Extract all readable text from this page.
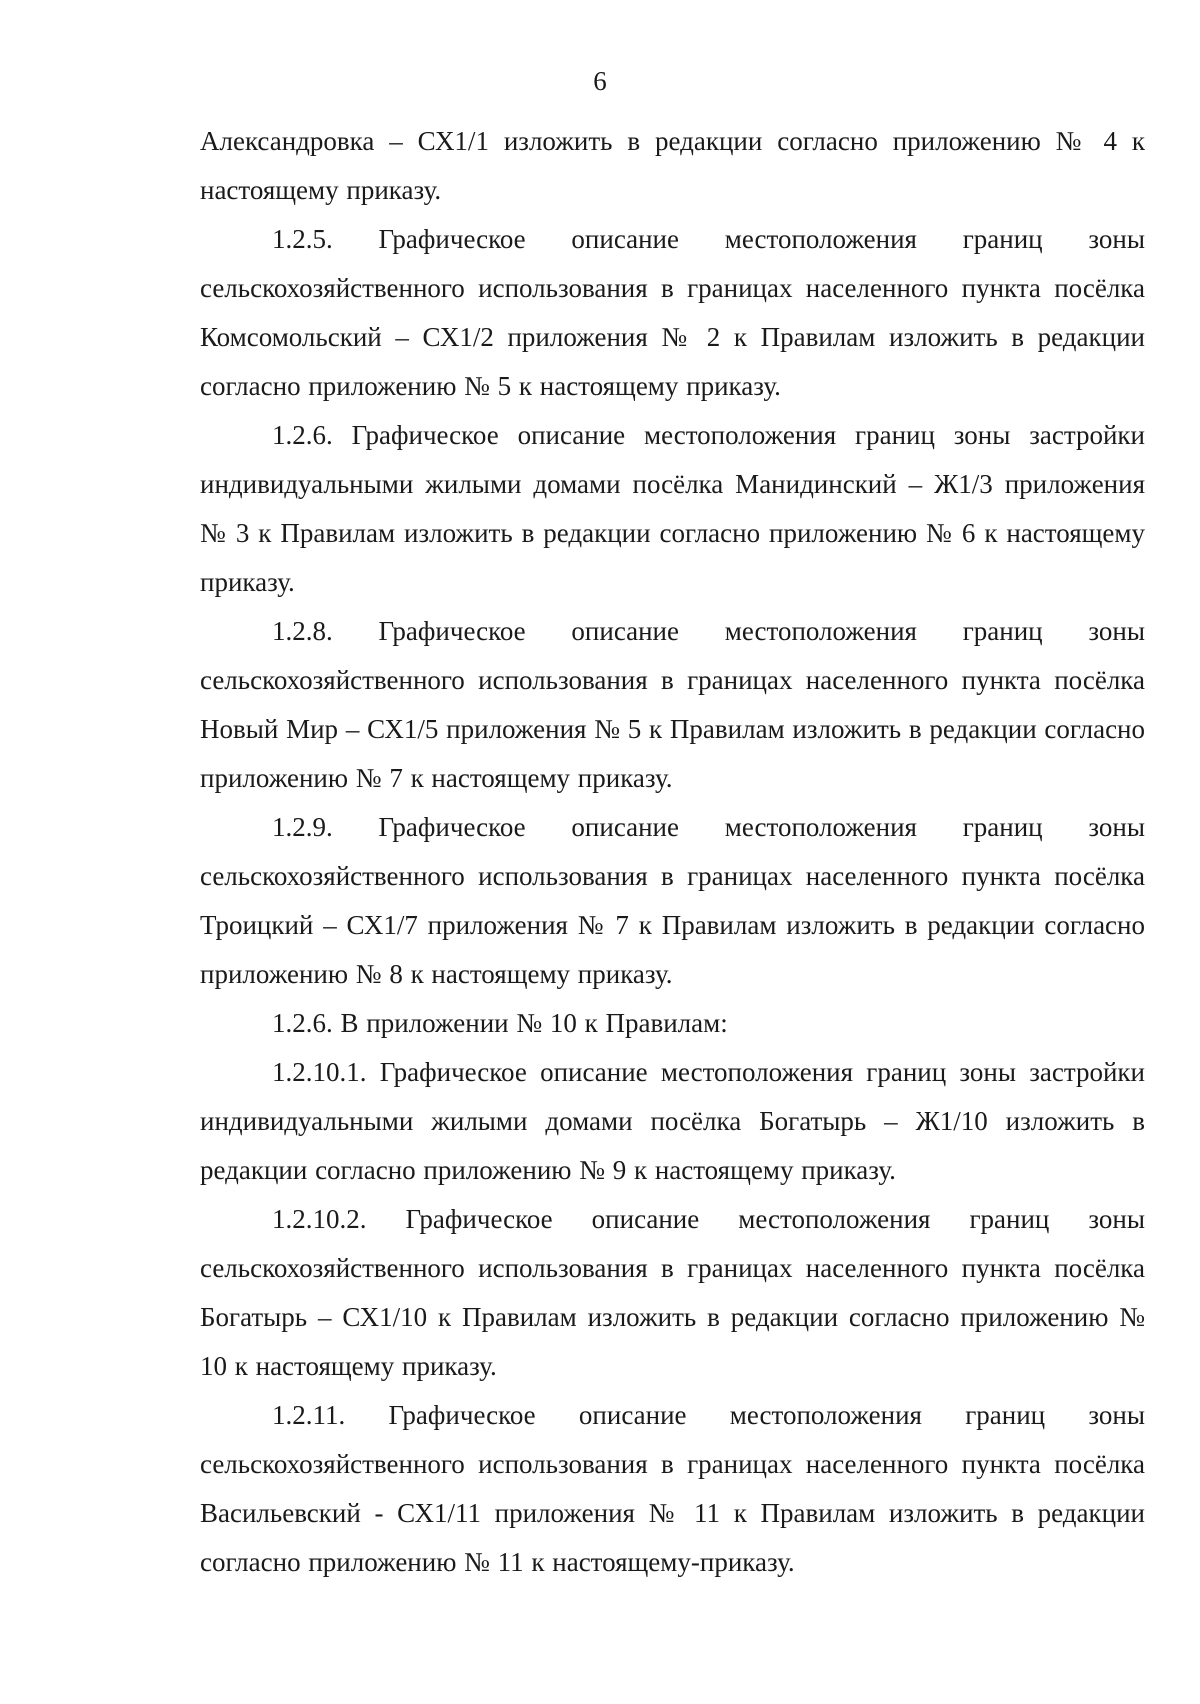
6

Александровка – СХ1/1 изложить в редакции согласно приложению № 4 к настоящему приказу.

1.2.5. Графическое описание местоположения границ зоны сельскохозяйственного использования в границах населенного пункта посёлка Комсомольский – СХ1/2 приложения № 2 к Правилам изложить в редакции согласно приложению № 5 к настоящему приказу.

1.2.6. Графическое описание местоположения границ зоны застройки индивидуальными жилыми домами посёлка Манидинский – Ж1/3 приложения № 3 к Правилам изложить в редакции согласно приложению № 6 к настоящему приказу.

1.2.8. Графическое описание местоположения границ зоны сельскохозяйственного использования в границах населенного пункта посёлка Новый Мир – СХ1/5 приложения № 5 к Правилам изложить в редакции согласно приложению № 7 к настоящему приказу.

1.2.9. Графическое описание местоположения границ зоны сельскохозяйственного использования в границах населенного пункта посёлка Троицкий – СХ1/7 приложения № 7 к Правилам изложить в редакции согласно приложению № 8 к настоящему приказу.

1.2.6. В приложении № 10 к Правилам:

1.2.10.1. Графическое описание местоположения границ зоны застройки индивидуальными жилыми домами посёлка Богатырь – Ж1/10 изложить в редакции согласно приложению № 9 к настоящему приказу.

1.2.10.2. Графическое описание местоположения границ зоны сельскохозяйственного использования в границах населенного пункта посёлка Богатырь – СХ1/10 к Правилам изложить в редакции согласно приложению № 10 к настоящему приказу.

1.2.11. Графическое описание местоположения границ зоны сельскохозяйственного использования в границах населенного пункта посёлка Васильевский - СХ1/11 приложения № 11 к Правилам изложить в редакции согласно приложению № 11 к настоящему-приказу.
